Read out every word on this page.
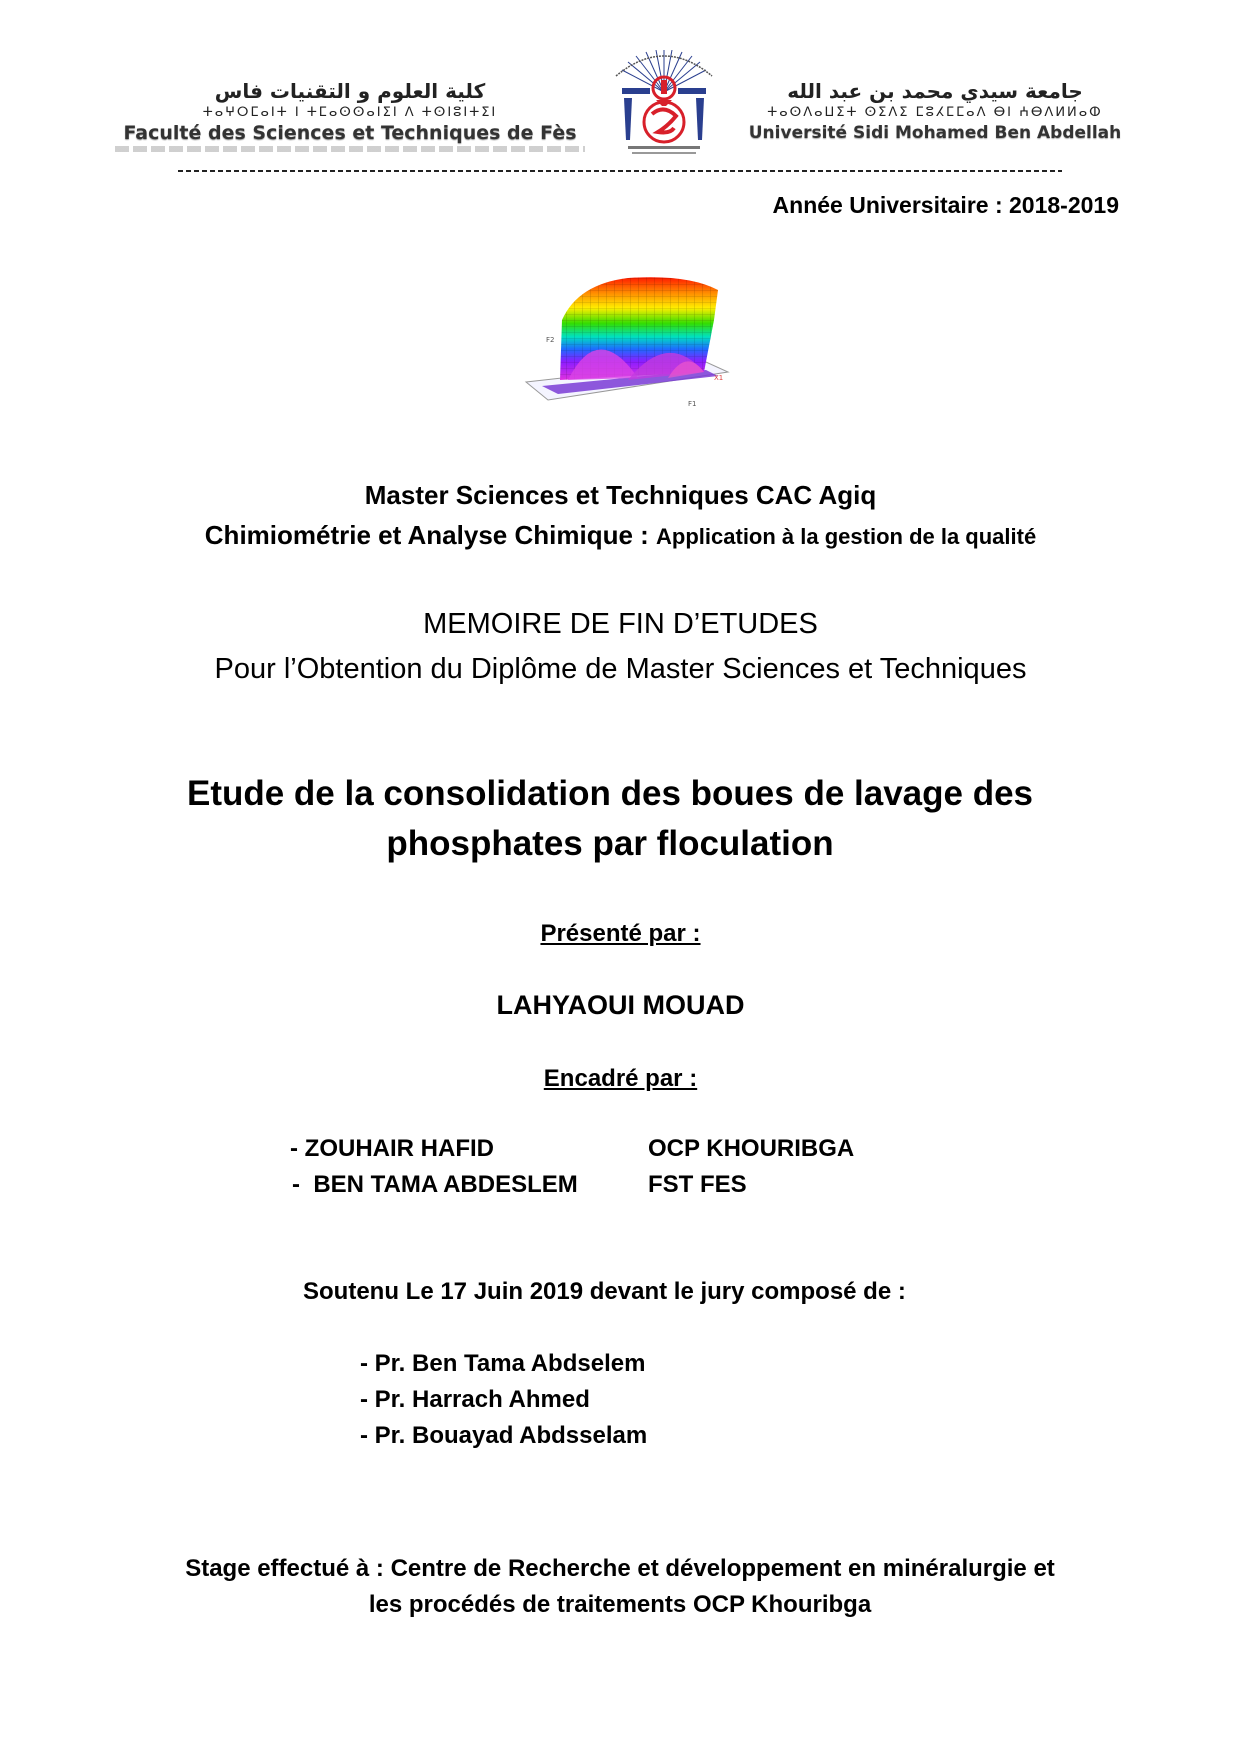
كلية العلوم و التقنيات فاس
ⵜⴰⵖⵔⵎⴰⵏⵜ ⵏ ⵜⵎⴰⵙⵙⴰⵏⵉⵏ ⴷ ⵜⵙⵏⵓⵏⵜⵉⵏ
Faculté des Sciences et Techniques de Fès
جامعة سيدي محمد بن عبد الله
ⵜⴰⵙⴷⴰⵡⵉⵜ ⵙⵉⴷⵉ ⵎⵓⵃⵎⵎⴰⴷ ⴱⵏ ⵄⴱⴷⵍⵍⴰⵀ
Université Sidi Mohamed Ben Abdellah
Année Universitaire : 2018-2019
F2
X1
F1
Master Sciences et Techniques CAC Agiq
Chimiométrie et Analyse Chimique : Application à la gestion de la qualité
MEMOIRE DE FIN D’ETUDES
Pour l’Obtention du Diplôme de Master Sciences et Techniques
Etude de la consolidation des boues de lavage des
phosphates par floculation
Présenté par :
LAHYAOUI MOUAD
Encadré par :
- ZOUHAIR HAFID	OCP KHOURIBGA
-  BEN TAMA ABDESLEM	FST FES
Soutenu Le 17 Juin 2019 devant le jury composé de :
- Pr. Ben Tama Abdselem
- Pr. Harrach Ahmed
- Pr. Bouayad Abdsselam
Stage effectué à : Centre de Recherche et développement en minéralurgie et
les procédés de traitements OCP Khouribga
